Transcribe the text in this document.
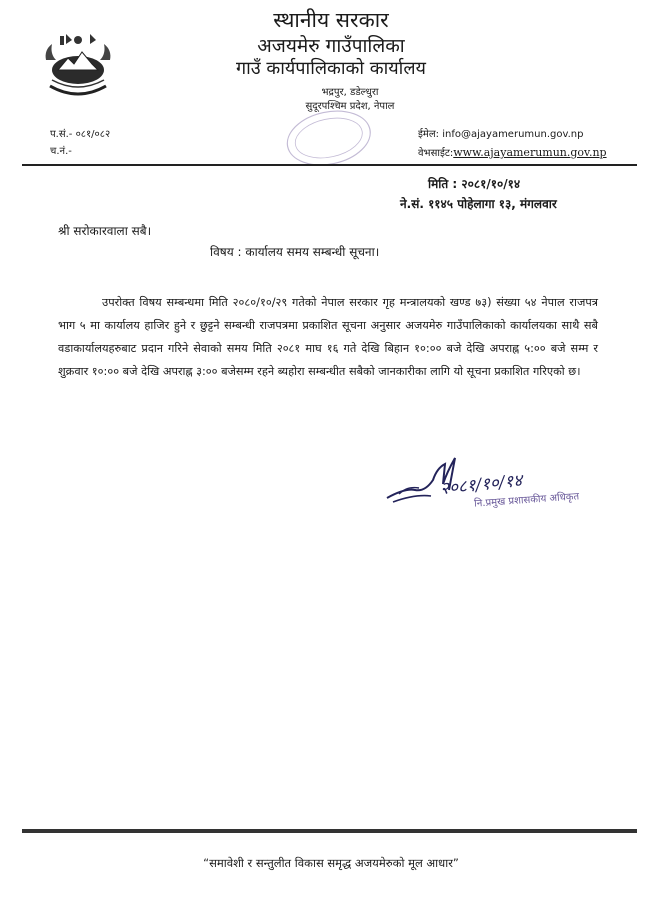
स्थानीय सरकार
अजयमेरु गाउँपालिका
गाउँ कार्यपालिकाको कार्यालय
भद्रपुर, डडेल्धुरा
सुदूरपश्चिम प्रदेश, नेपाल
प.सं.- ०८१/०८२
च.नं.-
ईमेल: info@ajayamerumun.gov.np
वेभसाईट:www.ajayamerumun.gov.np
मिति : २०८१/१०/१४
ने.सं. ११४५ पोहेलागा १३, मंगलवार
श्री सरोकारवाला सबै।
विषय : कार्यालय समय सम्बन्धी सूचना।
उपरोक्त विषय सम्बन्धमा मिति २०८०/१०/२९ गतेको नेपाल सरकार गृह मन्त्रालयको खण्ड ७३) संख्या ५४ नेपाल राजपत्र भाग ५ मा कार्यालय हाजिर हुने र छुट्टने सम्बन्धी राजपत्रमा प्रकाशित सूचना अनुसार अजयमेरु गाउँपालिकाको कार्यालयका साथै सबै वडाकार्यालयहरुबाट प्रदान गरिने सेवाको समय मिति २०८१ माघ १६ गते देखि बिहान १०:०० बजे देखि अपराह्न ५:०० बजे सम्म र शुक्रवार १०:०० बजे देखि अपराह्न ३:०० बजेसम्म रहने ब्यहोरा सम्बन्धीत सबैको जानकारीका लागि यो सूचना प्रकाशित गरिएको छ।
२०८१/१०/१४
नि.प्रमुख प्रशासकीय अधिकृत
“समावेशी र सन्तुलीत विकास समृद्ध अजयमेरुको मूल आधार”
